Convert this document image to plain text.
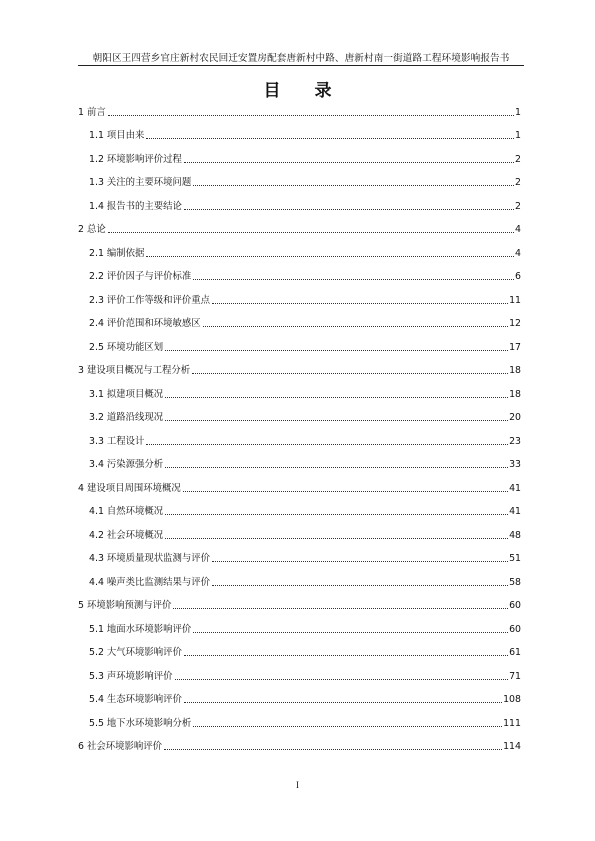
朝阳区王四营乡官庄新村农民回迁安置房配套唐新村中路、唐新村南一街道路工程环境影响报告书
目 录
1 前言	1
1.1 项目由来	1
1.2 环境影响评价过程	2
1.3 关注的主要环境问题	2
1.4 报告书的主要结论	2
2 总论	4
2.1 编制依据	4
2.2 评价因子与评价标准	6
2.3 评价工作等级和评价重点	11
2.4 评价范围和环境敏感区	12
2.5 环境功能区划	17
3 建设项目概况与工程分析	18
3.1 拟建项目概况	18
3.2 道路沿线现况	20
3.3 工程设计	23
3.4 污染源强分析	33
4 建设项目周围环境概况	41
4.1 自然环境概况	41
4.2 社会环境概况	48
4.3 环境质量现状监测与评价	51
4.4 噪声类比监测结果与评价	58
5 环境影响预测与评价	60
5.1 地面水环境影响评价	60
5.2 大气环境影响评价	61
5.3 声环境影响评价	71
5.4 生态环境影响评价	108
5.5 地下水环境影响分析	111
6 社会环境影响评价	114
I
